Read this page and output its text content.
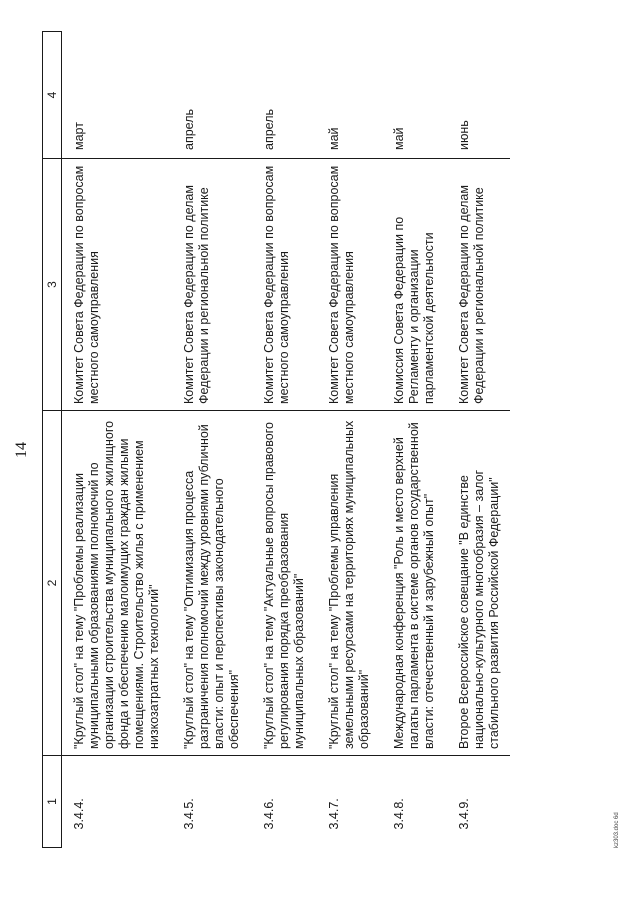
14
1	2	3	4
3.4.4.	"Круглый стол" на тему "Проблемы реализации муниципальными образованиями полномочий по организации строительства муниципального жилищного фонда и обеспечению малоимущих граждан жилыми помещениями. Строительство жилья с применением низкозатратных технологий"	Комитет Совета Федерации по вопросам местного самоуправления	март
3.4.5.	"Круглый стол" на тему "Оптимизация процесса разграничения полномочий между уровнями публичной власти: опыт и перспективы законодательного обеспечения"	Комитет Совета Федерации по делам Федерации и региональной политике	апрель
3.4.6.	"Круглый стол" на тему "Актуальные вопросы правового регулирования порядка преобразования муниципальных образований"	Комитет Совета Федерации по вопросам местного самоуправления	апрель
3.4.7.	"Круглый стол" на тему "Проблемы управления земельными ресурсами на территориях муниципальных образований"	Комитет Совета Федерации по вопросам местного самоуправления	май
3.4.8.	Международная конференция "Роль и место верхней палаты парламента в системе органов государственной власти: отечественный и зарубежный опыт"	Комиссия Совета Федерации по Регламенту и организации парламентской деятельности	май
3.4.9.	Второе Всероссийское совещание "В единстве национально-культурного многообразия – залог стабильного развития Российской Федерации"	Комитет Совета Федерации по делам Федерации и региональной политике	июнь
kz303.doc 6d
